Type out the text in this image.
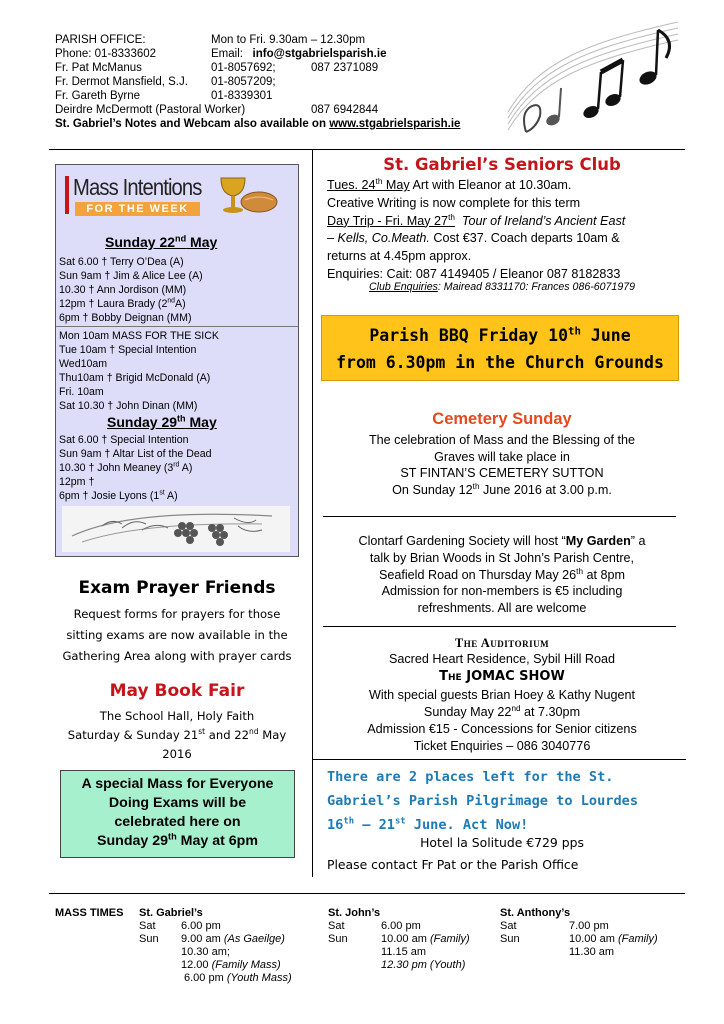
PARISH OFFICE:	Mon to Fri. 9.30am – 12.30pm
Phone: 01-8333602	Email: info@stgabrielsparish.ie
Fr. Pat McManus	01-8057692;	087 2371089
Fr. Dermot Mansfield, S.J. 01-8057209;
Fr. Gareth Byrne	01-8339301
Deirdre McDermott (Pastoral Worker)	087 6942844
St. Gabriel’s Notes and Webcam also available on www.stgabrielsparish.ie
Mass Intentions
FOR THE WEEK
Sunday 22nd May
Sat 6.00 † Terry O’Dea (A)
Sun 9am † Jim & Alice Lee (A)
10.30 † Ann Jordison (MM)
12pm † Laura Brady (2ndA)
6pm † Bobby Deignan (MM)
Mon 10am MASS FOR THE SICK
Tue 10am † Special Intention
Wed10am
Thu10am † Brigid McDonald (A)
Fri. 10am
Sat 10.30 † John Dinan (MM)
Sunday 29th May
Sat 6.00 † Special Intention
Sun 9am † Altar List of the Dead
10.30 † John Meaney (3rd A)
12pm †
6pm † Josie Lyons (1st A)
Exam Prayer Friends
Request forms for prayers for those
sitting exams are now available in the
Gathering Area along with prayer cards
May Book Fair
The School Hall, Holy Faith
Saturday & Sunday 21st and 22nd May
2016
A special Mass for Everyone
Doing Exams will be
celebrated here on
Sunday 29th May at 6pm
St. Gabriel’s Seniors Club
Tues. 24th May Art with Eleanor at 10.30am.
Creative Writing is now complete for this term
Day Trip - Fri. May 27th Tour of Ireland’s Ancient East
– Kells, Co.Meath. Cost €37. Coach departs 10am &
returns at 4.45pm approx.
Enquiries: Cait: 087 4149405 / Eleanor 087 8182833
Club Enquiries: Mairead 8331170: Frances 086-6071979
Parish BBQ Friday 10th June
from 6.30pm in the Church Grounds
Cemetery Sunday
The celebration of Mass and the Blessing of the
Graves will take place in
ST FINTAN’S CEMETERY SUTTON
On Sunday 12th June 2016 at 3.00 p.m.
Clontarf Gardening Society will host “My Garden” a
talk by Brian Woods in St John’s Parish Centre,
Seafield Road on Thursday May 26th at 8pm
Admission for non-members is €5 including
refreshments. All are welcome
The Auditorium
Sacred Heart Residence, Sybil Hill Road
The JOMAC SHOW
With special guests Brian Hoey & Kathy Nugent
Sunday May 22nd at 7.30pm
Admission €15 - Concessions for Senior citizens
Ticket Enquiries – 086 3040776
There are 2 places left for the St.
Gabriel’s Parish Pilgrimage to Lourdes
16th – 21st June. Act Now!
Hotel la Solitude €729 pps
Please contact Fr Pat or the Parish Office
MASS TIMES St. Gabriel’s
Sat 6.00 pm
Sun 9.00 am (As Gaeilge)
10.30 am;
12.00 (Family Mass)
6.00 pm (Youth Mass)
St. John’s
Sat	6.00 pm
Sun	10.00 am (Family)
11.15 am
12.30 pm (Youth)
St. Anthony’s
Sat	7.00 pm
Sun	10.00 am (Family)
11.30 am
